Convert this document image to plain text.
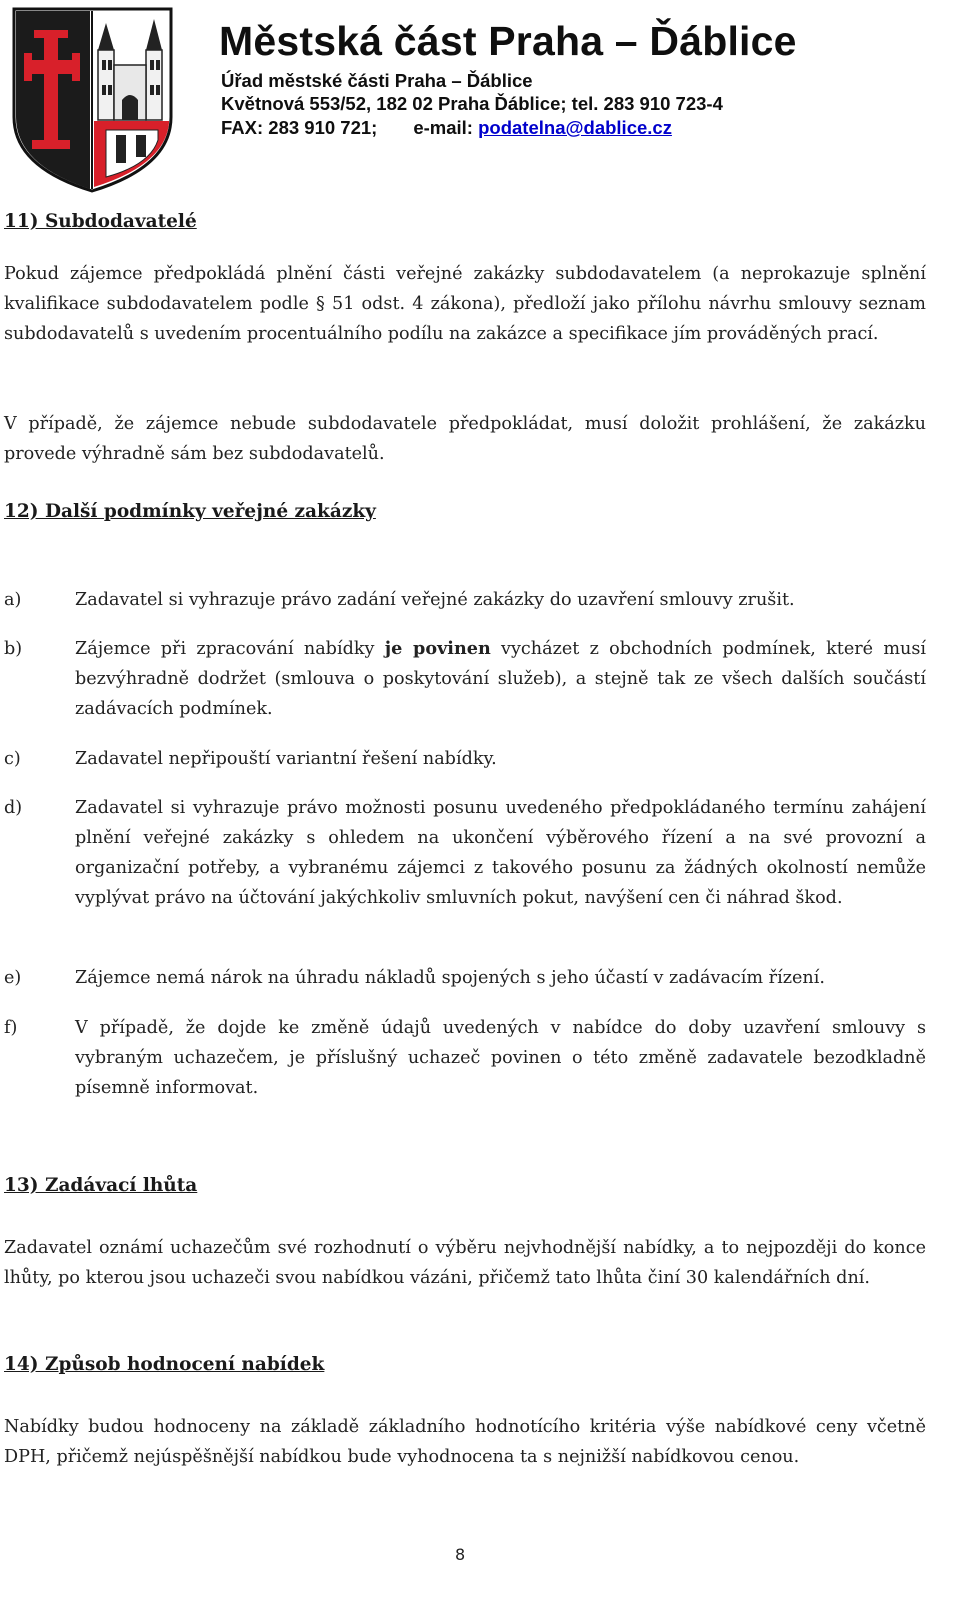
Městská část Praha – Ďáblice
Úřad městské části Praha – Ďáblice
Květnová 553/52, 182 02 Praha Ďáblice; tel. 283 910 723-4
FAX: 283 910 721; e-mail: podatelna@dablice.cz
11) Subdodavatelé
Pokud zájemce předpokládá plnění části veřejné zakázky subdodavatelem (a neprokazuje splnění kvalifikace subdodavatelem podle § 51 odst. 4 zákona), předloží jako přílohu návrhu smlouvy seznam subdodavatelů s uvedením procentuálního podílu na zakázce a specifikace jím prováděných prací.
V případě, že zájemce nebude subdodavatele předpokládat, musí doložit prohlášení, že zakázku provede výhradně sám bez subdodavatelů.
12) Další podmínky veřejné zakázky
a)	Zadavatel si vyhrazuje právo zadání veřejné zakázky do uzavření smlouvy zrušit.
b)	Zájemce při zpracování nabídky je povinen vycházet z obchodních podmínek, které musí bezvýhradně dodržet (smlouva o poskytování služeb), a stejně tak ze všech dalších součástí zadávacích podmínek.
c)	Zadavatel nepřipouští variantní řešení nabídky.
d)	Zadavatel si vyhrazuje právo možnosti posunu uvedeného předpokládaného termínu zahájení plnění veřejné zakázky s ohledem na ukončení výběrového řízení a na své provozní a organizační potřeby, a vybranému zájemci z takového posunu za žádných okolností nemůže vyplývat právo na účtování jakýchkoliv smluvních pokut, navýšení cen či náhrad škod.
e)	Zájemce nemá nárok na úhradu nákladů spojených s jeho účastí v zadávacím řízení.
f)	V případě, že dojde ke změně údajů uvedených v nabídce do doby uzavření smlouvy s vybraným uchazečem, je příslušný uchazeč povinen o této změně zadavatele bezodkladně písemně informovat.
13) Zadávací lhůta
Zadavatel oznámí uchazečům své rozhodnutí o výběru nejvhodnější nabídky, a to nejpozději do konce lhůty, po kterou jsou uchazeči svou nabídkou vázáni, přičemž tato lhůta činí 30 kalendářních dní.
14) Způsob hodnocení nabídek
Nabídky budou hodnoceny na základě základního hodnotícího kritéria výše nabídkové ceny včetně DPH, přičemž nejúspěšnější nabídkou bude vyhodnocena ta s nejnižší nabídkovou cenou.
8
